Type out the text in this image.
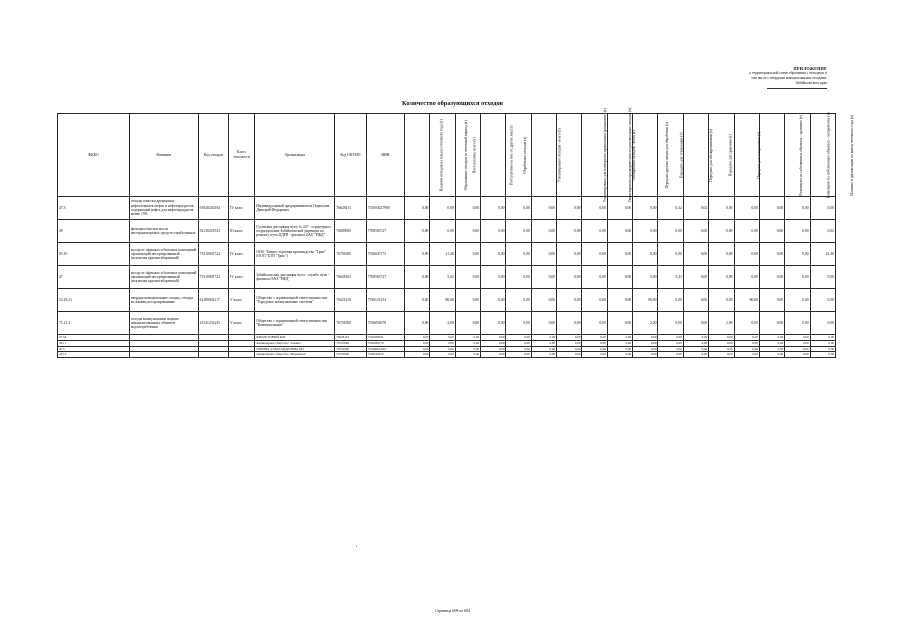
ПРИЛОЖЕНИЕ
к территориальной схеме обращения с отходами, в
том числе с твердыми коммунальными отходами,
Забайкальского края
Количество образующихся отходов
ФККО	Название	Код отходов	Класс опасности	Организация	Код ОКТМО	ИНН	Наличие отходов на начало отчетного года (т)	Образование отходов за отчетный период (т)	Поступление, всего (т)	Поступление из них от других лиц (т)	Обработано отходов (т)	Утилизировано отходов - всего (т)	Утилизировано для повторного применения (рециклинг) (т)	Утилизировано предварительно подготовленных отходов (т)	Обезврежено отходов - всего (т)	Передано другим лицам для обработки (т)	Передано для утилизации (т)	Передано для обезвреживания (т)	Передано для хранения (т)	Передано для захоронения (т)	Размещено на собственных объектах - хранение (т)	Размещено на собственных объектах - захоронение (т)	Наличие в организации на конец отчетного года (т)
47.3	отходы очистки дренажных, нефтеловушек нефти и нефтепродуктов, содержащие нефть для нефтепродуктов менее 15%	91920202394	IV класс	Индивидуальный предприниматель Паршуков Дмитрий Федорович	76628413	753003027990	0,00	0,00	0,00	0,00	0,00	0,00	0,00	0,00	0,00	0,00	0,32	0,02	0,00	0,00	0,00	0,00	0,00
49	фильтры очистки масла автотранспортных средств отработанные	92130201523	III класс	Гусевская дистанция пути № 247 - структурное подразделение Забайкальской дирекции по ремонту пути ЦДРП - филиала ОАО "РЖД"	76609000	7708503727	0,00	0,00	0,00	0,00	0,00	0,00	0,00	0,00	0,00	0,00	0,00	0,00	0,00	0,00	0,00	0,00	0,02
85.10	мусор от офисных и бытовых помещений организаций несортированный (исключая крупногабаритный)	73310001724	IV класс	ООО "Бизнес торговая производство "Трио" (ООО "БТП "Трио")	76701000	7536047175	0,00	21,40	0,00	0,00	0,00	0,00	0,00	0,00	0,00	0,00	0,00	0,00	0,00	0,00	0,00	0,00	21,40
47	мусор от офисных и бытовых помещений организаций несортированный (исключая крупногабаритный)	73310001724	IV класс	Забайкальская дистанция пути - служба пути - филиала ОАО "РЖД"	76628163	7708503727	0,00	5,43	0,00	0,00	0,00	0,00	0,00	0,00	0,00	0,00	5,43	0,00	0,00	0,00	0,00	0,00	0,00
52.29.21	твердые коммунальные отходы, отходы из жилищ несортированные	61180002217	V класс	Общество с ограниченной ответственностью "Городские коммунальные системы"	76621419	7536123154	0,00	80,00	0,00	0,00	0,00	0,00	0,00	0,00	0,00	80,00	0,00	0,00	0,00	80,00	0,00	0,00	0,00
71.12.2	отходы коммунальные жидкие неканализованных объектов водопотребления	41541231245	V класс	Общество с ограниченной ответственностью "Коммунальщик"	76701000	7536054678	0,00	2,00	0,00	0,00	0,00	0,00	0,00	0,00	0,00	2,00	0,00	0,00	2,00	0,00	0,00	0,00	0,00
47.54				ФИОЛЕТОВЫЙ КОТ	76628163	7536058021	0,00	0,00	0,00	0,00	0,00	0,00	0,00	0,00	0,00	0,00	0,00	0,00	0,00	0,00	0,00	0,00	0,00
43.11				Акционерное общество "Альянс"	76701000	7536036179	0,00	0,00	0,00	0,00	0,00	0,00	0,00	0,00	0,00	0,00	0,00	0,00	0,00	0,00	0,00	0,00	0,00
47.5				ЛЕВИНА АЛЕКСАНДРОВНА ИП	76701000	753400614267	0,00	0,00	0,00	0,00	0,00	0,00	0,00	0,00	0,00	0,00	0,00	0,00	0,00	0,00	0,00	0,00	0,00
43.13				Акционерное общество "Водоканал"	76701000	7536106676	0,00	0,00	0,00	0,00	0,00	0,00	0,00	0,00	0,00	0,00	0,00	0,00	0,00	0,00	0,00	0,00	0,00
Страница 608 из 684
